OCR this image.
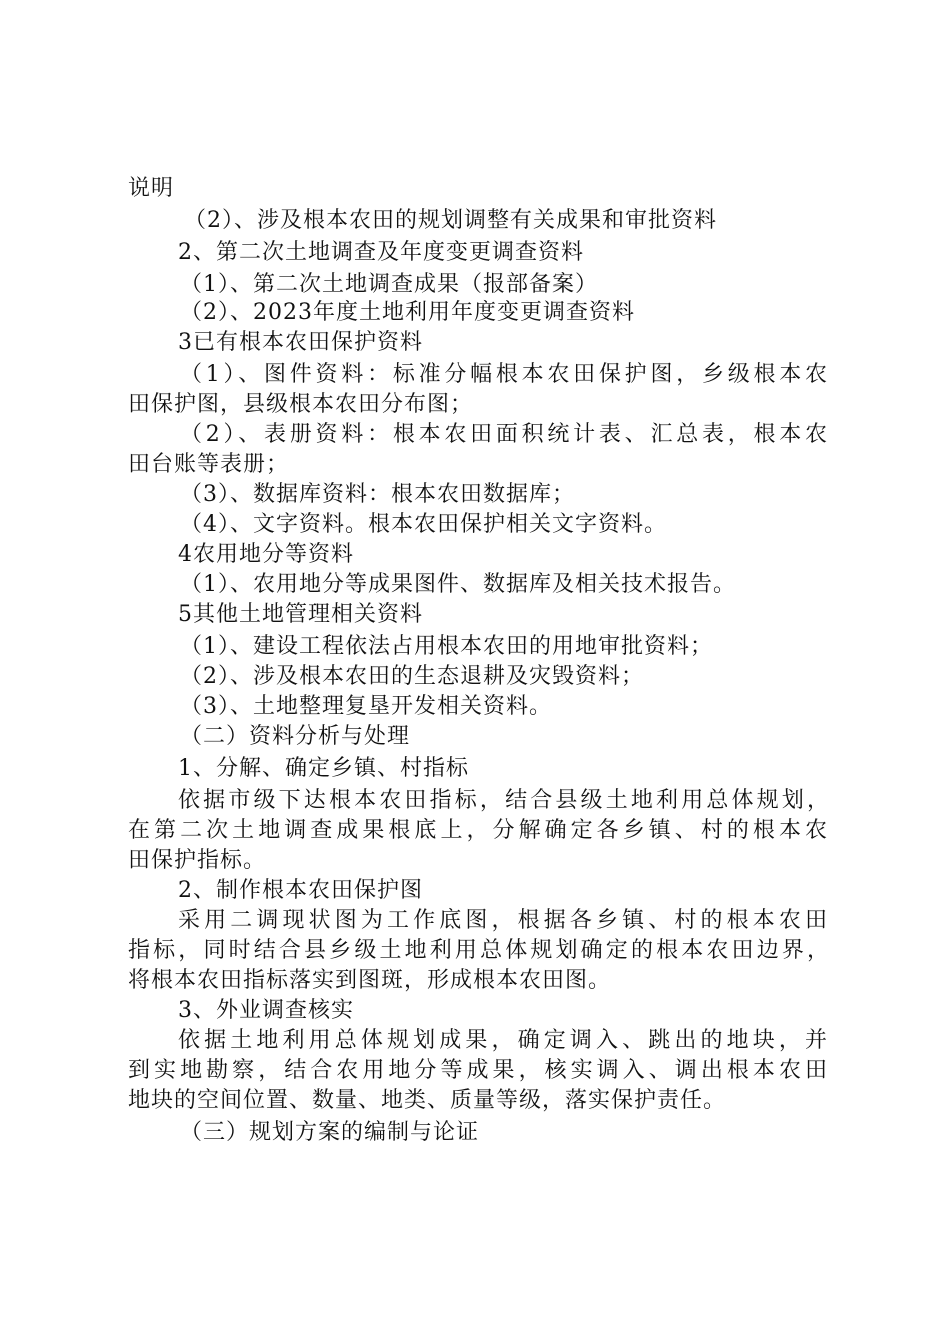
说明
（2）、涉及根本农田的规划调整有关成果和审批资料
2、第二次土地调查及年度变更调查资料
（1）、第二次土地调查成果（报部备案）
（2）、2023年度土地利用年度变更调查资料
3已有根本农田保护资料
（1）、图件资料：标准分幅根本农田保护图，乡级根本农
田保护图，县级根本农田分布图；
（2）、表册资料：根本农田面积统计表、汇总表，根本农
田台账等表册；
（3）、数据库资料：根本农田数据库；
（4）、文字资料。根本农田保护相关文字资料。
4农用地分等资料
（1）、农用地分等成果图件、数据库及相关技术报告。
5其他土地管理相关资料
（1）、建设工程依法占用根本农田的用地审批资料；
（2）、涉及根本农田的生态退耕及灾毁资料；
（3）、土地整理复垦开发相关资料。
（二）资料分析与处理
1、分解、确定乡镇、村指标
依据市级下达根本农田指标，结合县级土地利用总体规划，
在第二次土地调查成果根底上，分解确定各乡镇、村的根本农
田保护指标。
2、制作根本农田保护图
采用二调现状图为工作底图，根据各乡镇、村的根本农田
指标，同时结合县乡级土地利用总体规划确定的根本农田边界，
将根本农田指标落实到图斑，形成根本农田图。
3、外业调查核实
依据土地利用总体规划成果，确定调入、跳出的地块，并
到实地勘察，结合农用地分等成果，核实调入、调出根本农田
地块的空间位置、数量、地类、质量等级，落实保护责任。
（三）规划方案的编制与论证
